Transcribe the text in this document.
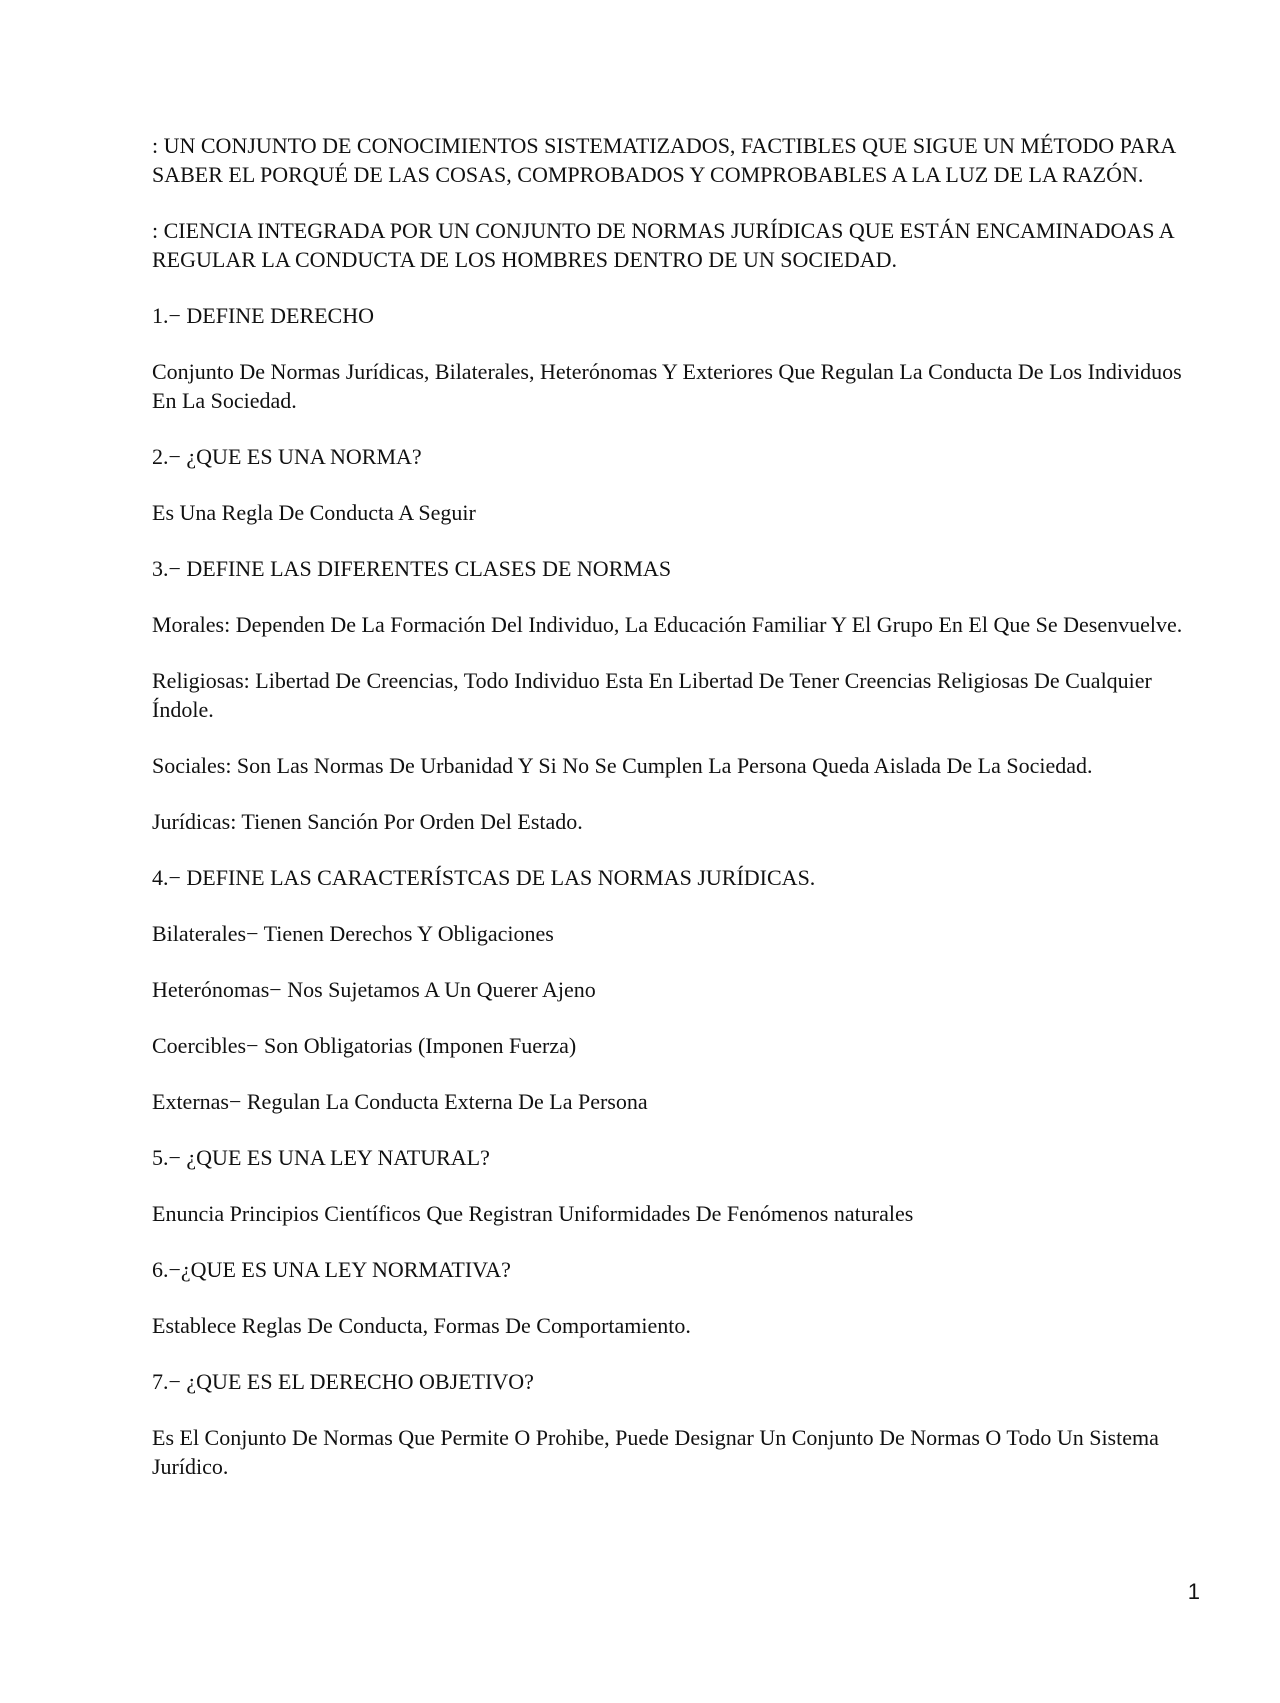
: UN CONJUNTO DE CONOCIMIENTOS SISTEMATIZADOS, FACTIBLES QUE SIGUE UN MÉTODO PARA SABER EL PORQUÉ DE LAS COSAS, COMPROBADOS Y COMPROBABLES A LA LUZ DE LA RAZÓN.

: CIENCIA INTEGRADA POR UN CONJUNTO DE NORMAS JURÍDICAS QUE ESTÁN ENCAMINADOAS A REGULAR LA CONDUCTA DE LOS HOMBRES DENTRO DE UN SOCIEDAD.

1.− DEFINE DERECHO

Conjunto De Normas Jurídicas, Bilaterales, Heterónomas Y Exteriores Que Regulan La Conducta De Los Individuos En La Sociedad.

2.− ¿QUE ES UNA NORMA?

Es Una Regla De Conducta A Seguir

3.− DEFINE LAS DIFERENTES CLASES DE NORMAS

Morales: Dependen De La Formación Del Individuo, La Educación Familiar Y El Grupo En El Que Se Desenvuelve.

Religiosas: Libertad De Creencias, Todo Individuo Esta En Libertad De Tener Creencias Religiosas De Cualquier Índole.

Sociales: Son Las Normas De Urbanidad Y Si No Se Cumplen La Persona Queda Aislada De La Sociedad.

Jurídicas: Tienen Sanción Por Orden Del Estado.

4.− DEFINE LAS CARACTERÍSTCAS DE LAS NORMAS JURÍDICAS.

Bilaterales− Tienen Derechos Y Obligaciones

Heterónomas− Nos Sujetamos A Un Querer Ajeno

Coercibles− Son Obligatorias (Imponen Fuerza)

Externas− Regulan La Conducta Externa De La Persona

5.− ¿QUE ES UNA LEY NATURAL?

Enuncia Principios Científicos Que Registran Uniformidades De Fenómenos naturales

6.−¿QUE ES UNA LEY NORMATIVA?

Establece Reglas De Conducta, Formas De Comportamiento.

7.− ¿QUE ES EL DERECHO OBJETIVO?

Es El Conjunto De Normas Que Permite O Prohibe, Puede Designar Un Conjunto De Normas O Todo Un Sistema Jurídico.

1
